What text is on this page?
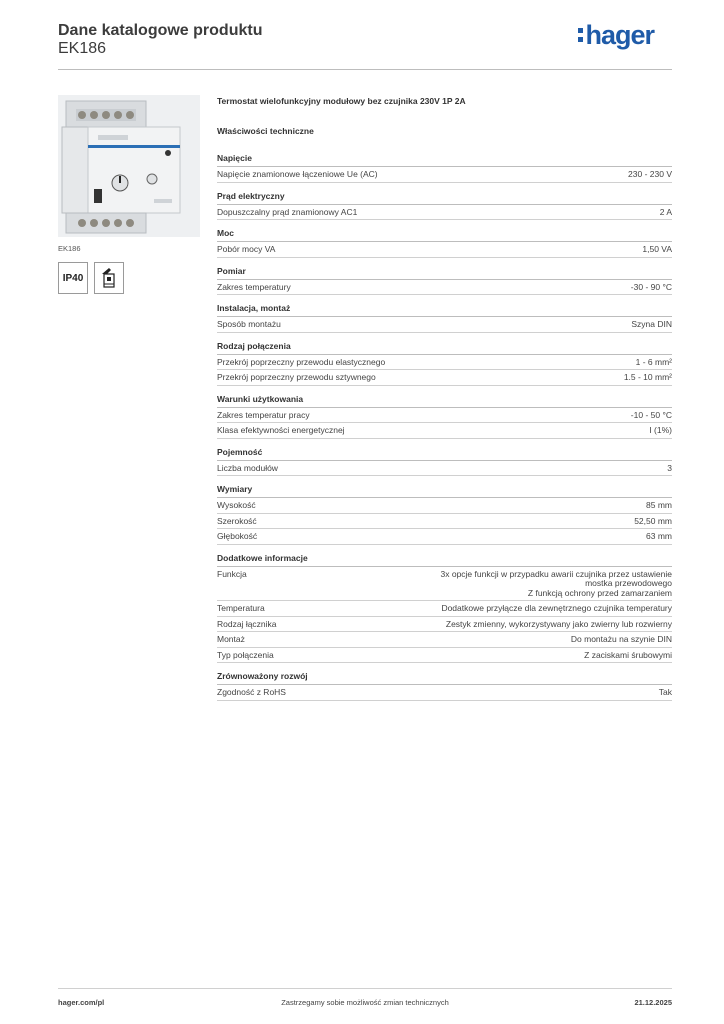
Dane katalogowe produktu
EK186	hager
EK186
IP40
Termostat wielofunkcyjny modułowy bez czujnika 230V 1P 2A
Właściwości techniczne
Napięcie
Napięcie znamionowe łączeniowe Ue (AC)	230 - 230 V
Prąd elektryczny
Dopuszczalny prąd znamionowy AC1	2 A
Moc
Pobór mocy VA	1,50 VA
Pomiar
Zakres temperatury	-30 - 90 °C
Instalacja, montaż
Sposób montażu	Szyna DIN
Rodzaj połączenia
Przekrój poprzeczny przewodu elastycznego	1 - 6 mm²
Przekrój poprzeczny przewodu sztywnego	1.5 - 10 mm²
Warunki użytkowania
Zakres temperatur pracy	-10 - 50 °C
Klasa efektywności energetycznej	I (1%)
Pojemność
Liczba modułów	3
Wymiary
Wysokość	85 mm
Szerokość	52,50 mm
Głębokość	63 mm
Dodatkowe informacje
Funkcja	3x opcje funkcji w przypadku awarii czujnika przez ustawienie
mostka przewodowego
Z funkcją ochrony przed zamarzaniem
Temperatura	Dodatkowe przyłącze dla zewnętrznego czujnika temperatury
Rodzaj łącznika	Zestyk zmienny, wykorzystywany jako zwierny lub rozwierny
Montaż	Do montażu na szynie DIN
Typ połączenia	Z zaciskami śrubowymi
Zrównoważony rozwój
Zgodność z RoHS	Tak
hager.com/pl	Zastrzegamy sobie możliwość zmian technicznych	21.12.2025
